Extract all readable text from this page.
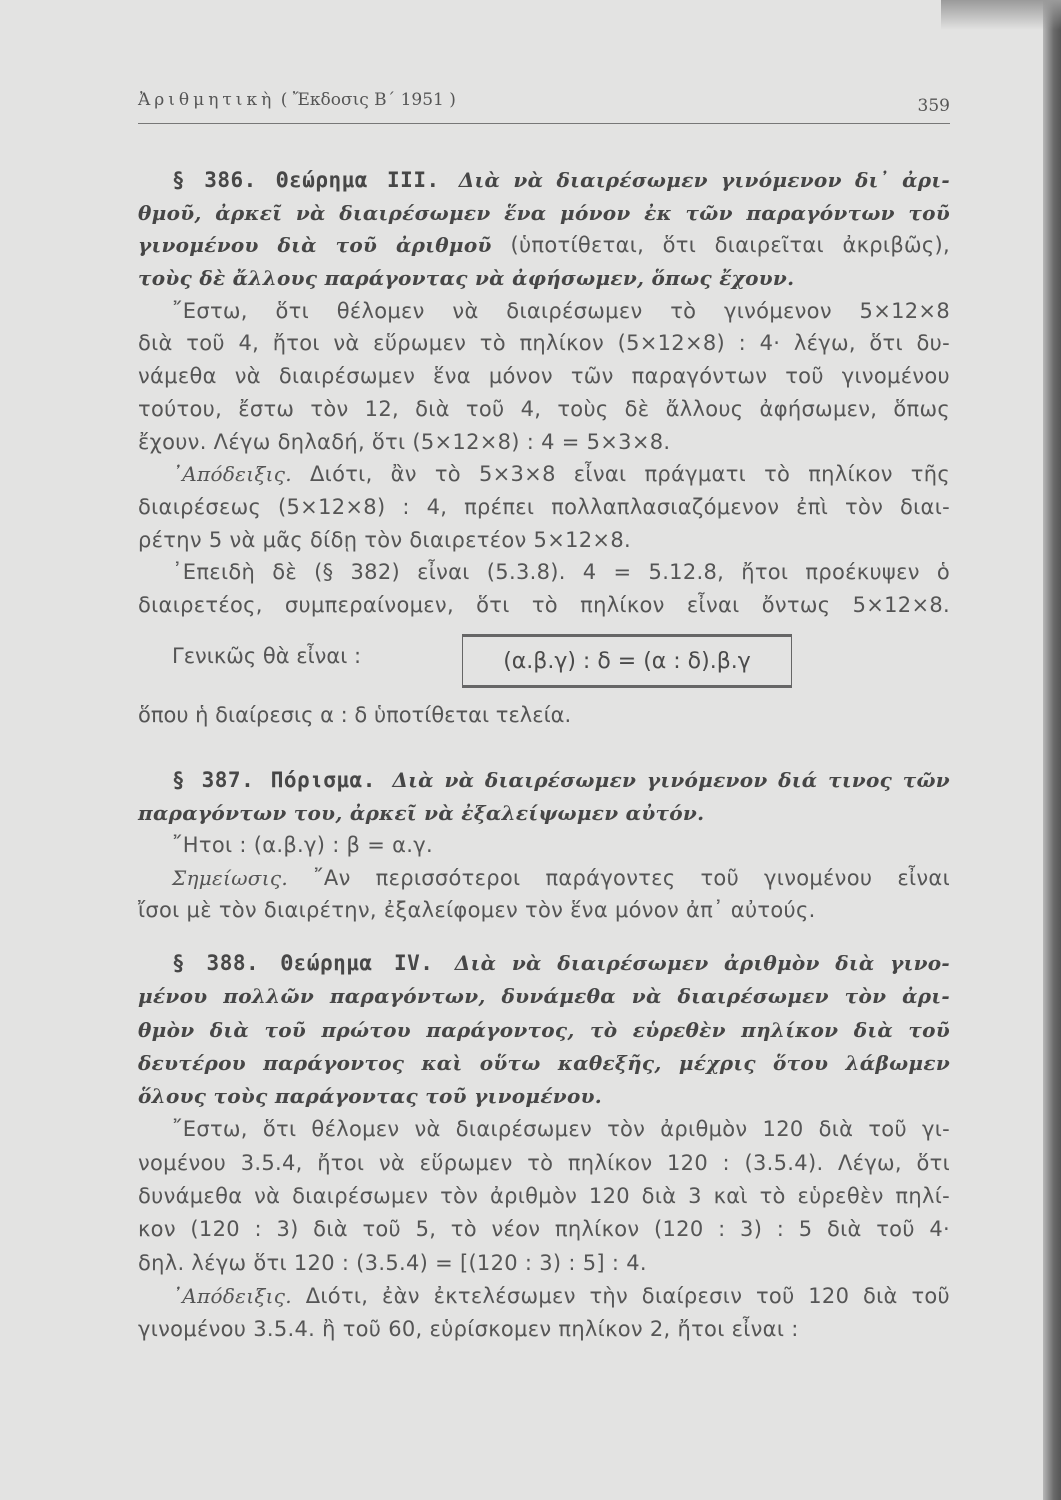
Ἀριθμητικὴ ( Ἔκδοσις Β΄ 1951 )	359
§ 386. Θεώρημα III. Διὰ νὰ διαιρέσωμεν γινόμενον δι᾿ ἀρι-
θμοῦ, ἀρκεῖ νὰ διαιρέσωμεν ἕνα μόνον ἐκ τῶν παραγόντων τοῦ
γινομένου διὰ τοῦ ἀριθμοῦ (ὑποτίθεται, ὅτι διαιρεῖται ἀκριβῶς),
τοὺς δὲ ἄλλους παράγοντας νὰ ἀφήσωμεν, ὅπως ἔχουν.
῎Εστω, ὅτι θέλομεν νὰ διαιρέσωμεν τὸ γινόμενον 5×12×8
διὰ τοῦ 4, ἤτοι νὰ εὕρωμεν τὸ πηλίκον (5×12×8) : 4· λέγω, ὅτι δυ-
νάμεθα νὰ διαιρέσωμεν ἕνα μόνον τῶν παραγόντων τοῦ γινομένου
τούτου, ἔστω τὸν 12, διὰ τοῦ 4, τοὺς δὲ ἄλλους ἀφήσωμεν, ὅπως
ἔχουν. Λέγω δηλαδή, ὅτι (5×12×8) : 4 = 5×3×8.
᾿Απόδειξις. Διότι, ἂν τὸ 5×3×8 εἶναι πράγματι τὸ πηλίκον τῆς
διαιρέσεως (5×12×8) : 4, πρέπει πολλαπλασιαζόμενον ἐπὶ τὸν διαι-
ρέτην 5 νὰ μᾶς δίδῃ τὸν διαιρετέον 5×12×8.
᾿Επειδὴ δὲ (§ 382) εἶναι (5.3.8). 4 = 5.12.8, ἤτοι προέκυψεν ὁ
διαιρετέος, συμπεραίνομεν, ὅτι τὸ πηλίκον εἶναι ὄντως 5×12×8.
Γενικῶς θὰ εἶναι :	(α.β.γ) : δ = (α : δ).β.γ
ὅπου ἡ διαίρεσις α : δ ὑποτίθεται τελεία.
§ 387. Πόρισμα. Διὰ νὰ διαιρέσωμεν γινόμενον διά τινος τῶν
παραγόντων του, ἀρκεῖ νὰ ἐξαλείψωμεν αὐτόν.
῎Ητοι : (α.β.γ) : β = α.γ.
Σημείωσις. ῎Αν περισσότεροι παράγοντες τοῦ γινομένου εἶναι
ἴσοι μὲ τὸν διαιρέτην, ἐξαλείφομεν τὸν ἕνα μόνον ἀπ᾿ αὐτούς.
§ 388. Θεώρημα IV. Διὰ νὰ διαιρέσωμεν ἀριθμὸν διὰ γινο-
μένου πολλῶν παραγόντων, δυνάμεθα νὰ διαιρέσωμεν τὸν ἀρι-
θμὸν διὰ τοῦ πρώτου παράγοντος, τὸ εὑρεθὲν πηλίκον διὰ τοῦ
δευτέρου παράγοντος καὶ οὕτω καθεξῆς, μέχρις ὅτου λάβωμεν
ὅλους τοὺς παράγοντας τοῦ γινομένου.
῎Εστω, ὅτι θέλομεν νὰ διαιρέσωμεν τὸν ἀριθμὸν 120 διὰ τοῦ γι-
νομένου 3.5.4, ἤτοι νὰ εὕρωμεν τὸ πηλίκον 120 : (3.5.4). Λέγω, ὅτι
δυνάμεθα νὰ διαιρέσωμεν τὸν ἀριθμὸν 120 διὰ 3 καὶ τὸ εὑρεθὲν πηλί-
κον (120 : 3) διὰ τοῦ 5, τὸ νέον πηλίκον (120 : 3) : 5 διὰ τοῦ 4·
δηλ. λέγω ὅτι 120 : (3.5.4) = [(120 : 3) : 5] : 4.
᾿Απόδειξις. Διότι, ἐὰν ἐκτελέσωμεν τὴν διαίρεσιν τοῦ 120 διὰ τοῦ
γινομένου 3.5.4. ἢ τοῦ 60, εὑρίσκομεν πηλίκον 2, ἤτοι εἶναι :
